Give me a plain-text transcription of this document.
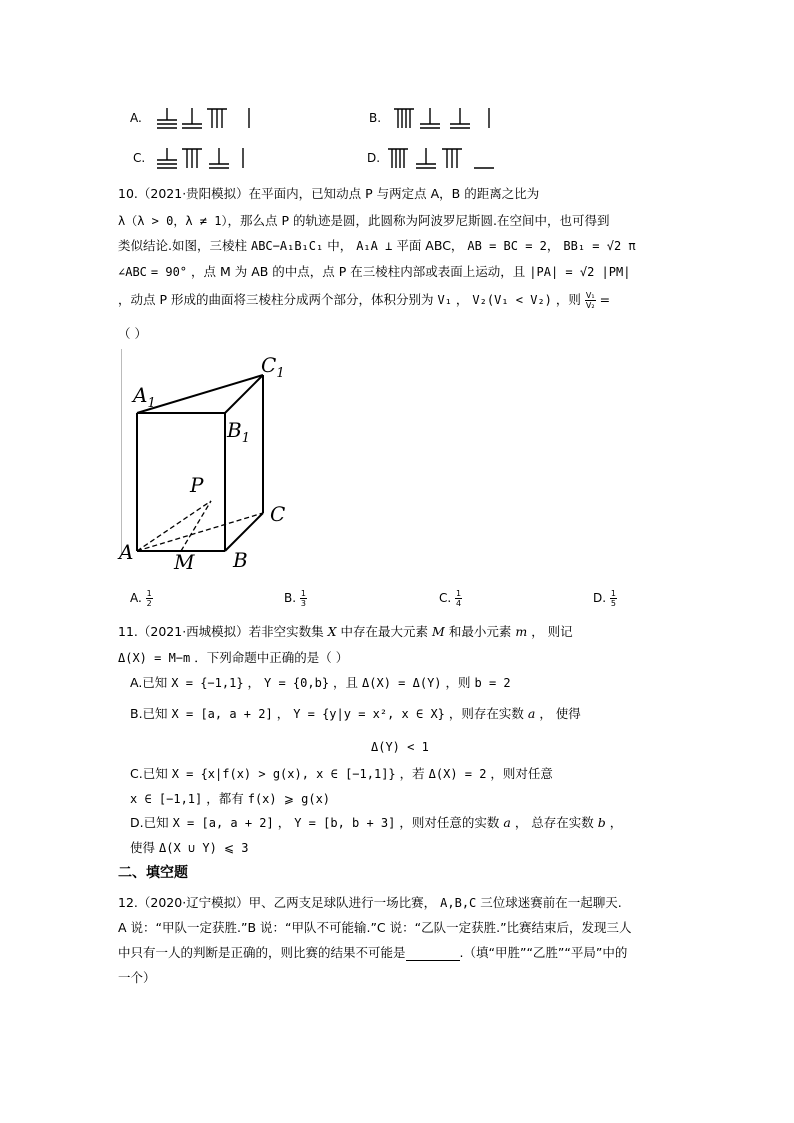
A.	B.
C.	D.
10.（2021·贵阳模拟）在平面内，已知动点 P 与两定点 A，B 的距离之比为
λ（λ > 0，λ ≠ 1），那么点 P 的轨迹是圆，此圆称为阿波罗尼斯圆.在空间中，也可得到
类似结论.如图，三棱柱 ABC−A₁B₁C₁ 中， A₁A ⊥ 平面 ABC， AB = BC = 2， BB₁ = √2 π
∠ABC = 90° ，点 M 为 AB 的中点，点 P 在三棱柱内部或表面上运动，且 |PA| = √2 |PM|
，动点 P 形成的曲面将三棱柱分成两个部分，体积分别为 V₁ ， V₂(V₁ < V₂) ，则 $\frac{\text{V₁}}{\text{V₂}}$ =
（ ）
$A_1$
$C_1$
$B_1$
P
C
A M B
A. $\frac{1}{2}$	B. $\frac{1}{3}$	C. $\frac{1}{4}$	D. $\frac{1}{5}$
11.（2021·西城模拟）若非空实数集 X 中存在最大元素 M 和最小元素 m ， 则记
Δ(X) = M−m ．下列命题中正确的是（ ）
A.已知 X = {−1,1} ， Y = {0,b} ，且 Δ(X) = Δ(Y) ，则 b = 2
B.已知 X = [a, a + 2] ， Y = {y|y = x², x ∈ X} ，则存在实数 a ， 使得
Δ(Y) < 1
C.已知 X = {x|f(x) > g(x), x ∈ [−1,1]} ，若 Δ(X) = 2 ，则对任意
x ∈ [−1,1] ，都有 f(x) ⩾ g(x)
D.已知 X = [a, a + 2] ， Y = [b, b + 3] ，则对任意的实数 a ， 总存在实数 b ，
使得 Δ(X ∪ Y) ⩽ 3
二、填空题
12.（2020·辽宁模拟）甲、乙两支足球队进行一场比赛， A,B,C 三位球迷赛前在一起聊天.
A 说：“甲队一定获胜.”B 说：“甲队不可能输.”C 说：“乙队一定获胜.”比赛结束后，发现三人
中只有一人的判断是正确的，则比赛的结果不可能是	.（填“甲胜”“乙胜”“平局”中的
一个）
